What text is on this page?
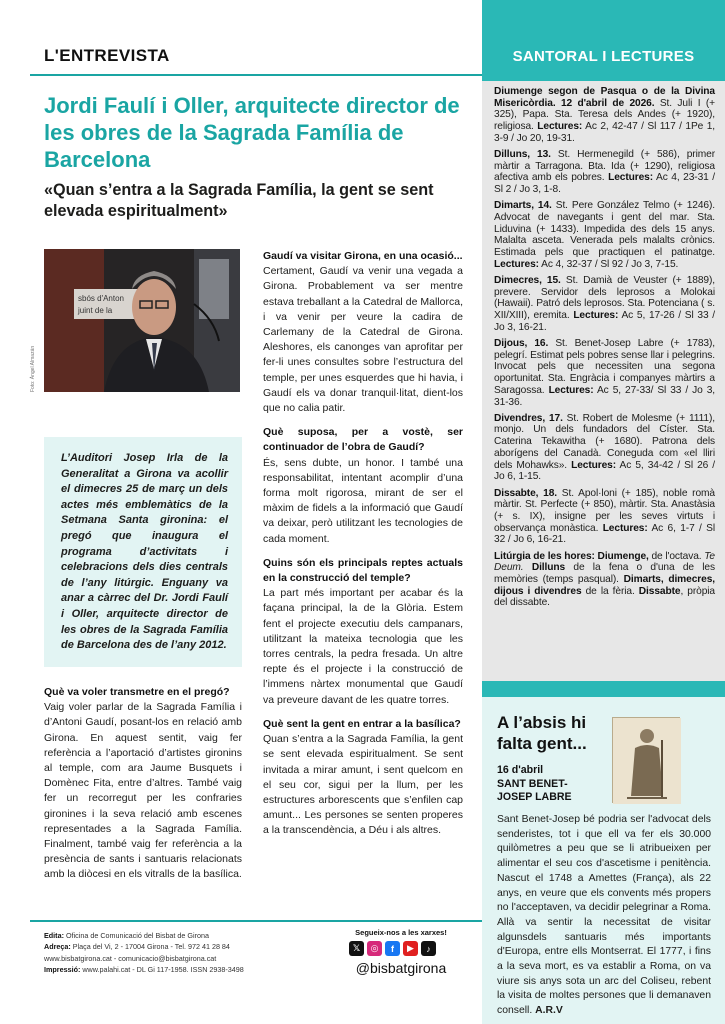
L'ENTREVISTA	SANTORAL I LECTURES

Diumenge segon de Pasqua o de la Divina Misericòrdia. 12 d'abril de 2026. St. Juli I (+ 325), Papa. Sta. Teresa dels Andes (+ 1920), religiosa. Lectures: Ac 2, 42-47 / Sl 117 / 1Pe 1, 3-9 / Jo 20, 19-31.

Dilluns, 13. St. Hermenegild (+ 586), primer màrtir a Tarragona. Bta. Ida (+ 1290), religiosa afectiva amb els pobres. Lectures: Ac 4, 23-31 / Sl 2 / Jo 3, 1-8.

Dimarts, 14. St. Pere González Telmo (+ 1246). Advocat de navegants i gent del mar. Sta. Liduvina (+ 1433). Impedida des dels 15 anys. Malalta asceta. Venerada pels malalts crònics. Estimada pels que practiquen el patinatge. Lectures: Ac 4, 32-37 / Sl 92 / Jo 3, 7-15.

Dimecres, 15. St. Damià de Veuster (+ 1889), prevere. Servidor dels leprosos a Molokai (Hawaii). Patró dels leprosos. Sta. Potenciana ( s. XII/XIII), eremita. Lectures: Ac 5, 17-26 / Sl 33 / Jo 3, 16-21.

Dijous, 16. St. Benet-Josep Labre (+ 1783), pelegrí. Estimat pels pobres sense llar i pelegrins. Invocat pels que necessiten una segona oportunitat. Sta. Engràcia i companyes màrtirs a Saragossa. Lectures: Ac 5, 27-33/ Sl 33 / Jo 3, 31-36.

Divendres, 17. St. Robert de Molesme (+ 1111), monjo. Un dels fundadors del Císter. Sta. Caterina Tekawitha (+ 1680). Patrona dels aborígens del Canadà. Coneguda com «el lliri dels Mohawks». Lectures: Ac 5, 34-42 / Sl 26 / Jo 6, 1-15.

Dissabte, 18. St. Apol·loni (+ 185), noble romà màrtir. St. Perfecte (+ 850), màrtir. Sta. Anastàsia (+ s. IX), insigne per les seves virtuts i observança monàstica. Lectures: Ac 6, 1-7 / Sl 32 / Jo 6, 16-21.

Litúrgia de les hores: Diumenge, de l'octava. Te Deum. Dilluns de la fena o d'una de les memòries (temps pasqual). Dimarts, dimecres, dijous i divendres de la fèria. Dissabte, pròpia del dissabte.

A l’absis hi
falta gent...
16 d'abril
SANT BENET-
JOSEP LABRE
Sant Benet-Josep bé podria ser l'advocat dels senderistes, tot i que ell va fer els 30.000 quilòmetres a peu que se li atribueixen per alimentar el seu cos d'ascetisme i penitència. Nascut el 1748 a Amettes (França), als 22 anys, en veure que els convents més propers no l'acceptaven, va decidir pelegrinar a Roma. Allà va sentir la necessitat de visitar algunsdels santuaris més importants d'Europa, entre ells Montserrat. El 1777, i fins a la seva mort, es va establir a Roma, on va viure sis anys sota un arc del Coliseu, rebent la visita de moltes persones que li demanaven consell. A.R.V
Jordi Faulí i Oller, arquitecte director de les obres de la Sagrada Família de Barcelona
«Quan s’entra a la Sagrada Família, la gent se sent elevada espiritualment»
sbós d'Anton
juint de la
Foto: Àngel Almazán
L’Auditori Josep Irla de la Generalitat a Girona va acollir el dimecres 25 de març un dels actes més emblemàtics de la Setmana Santa gironina: el pregó que inaugura el programa d’activitats i celebracions dels dies centrals de l’any litúrgic. Enguany va anar a càrrec del Dr. Jordi Faulí i Oller, arquitecte director de les obres de la Sagrada Família de Barcelona des de l’any 2012.
Què va voler transmetre en el pregó?
Vaig voler parlar de la Sagrada Família i d’Antoni Gaudí, posant-los en relació amb Girona. En aquest sentit, vaig fer referència a l’aportació d’artistes gironins al temple, com ara Jaume Busquets i Domènec Fita, entre d’altres. També vaig fer un recorregut per les confraries gironines i la seva relació amb escenes representades a la Sagrada Família. Finalment, també vaig fer referència a la presència de sants i santuaris relacionats amb la diòcesi en els vitralls de la basílica.
Gaudí va visitar Girona, en una ocasió...
Certament, Gaudí va venir una vegada a Girona. Probablement va ser mentre estava treballant a la Catedral de Mallorca, i va venir per veure la cadira de Carlemany de la Catedral de Girona. Aleshores, els canonges van aprofitar per fer-li unes consultes sobre l’estructura del temple, per unes esquerdes que hi havia, i Gaudí els va donar tranquil·litat, dient-los que no calia patir.
Què suposa, per a vostè, ser continuador de l’obra de Gaudí?
És, sens dubte, un honor. I també una responsabilitat, intentant acomplir d’una forma molt rigorosa, mirant de ser el màxim de fidels a la informació que Gaudí va deixar, però utilitzant les tecnologies de cada moment.
Quins són els principals reptes actuals en la construcció del temple?
La part més important per acabar és la façana principal, la de la Glòria. Estem fent el projecte executiu dels campanars, utilitzant la mateixa tecnologia que les torres centrals, la pedra fresada. Un altre repte és el projecte i la construcció de l’immens nàrtex monumental que Gaudí va preveure davant de les quatre torres.
Què sent la gent en entrar a la basílica?
Quan s’entra a la Sagrada Família, la gent se sent elevada espiritualment. Se sent invitada a mirar amunt, i sent quelcom en el seu cor, sigui per la llum, per les estructures arborescents que s’enfilen cap amunt... Les persones se senten properes a la transcendència, a Déu i als altres.
Edita: Oficina de Comunicació del Bisbat de Girona
Adreça: Plaça del Vi, 2 - 17004 Girona - Tel. 972 41 28 84
www.bisbatgirona.cat - comunicacio@bisbatgirona.cat
Impressió: www.palahi.cat - DL Gi 117-1958. ISSN 2938-3498
Segueix-nos a les xarxes!
𝕏	◎	f	▶	♪
@bisbatgirona
